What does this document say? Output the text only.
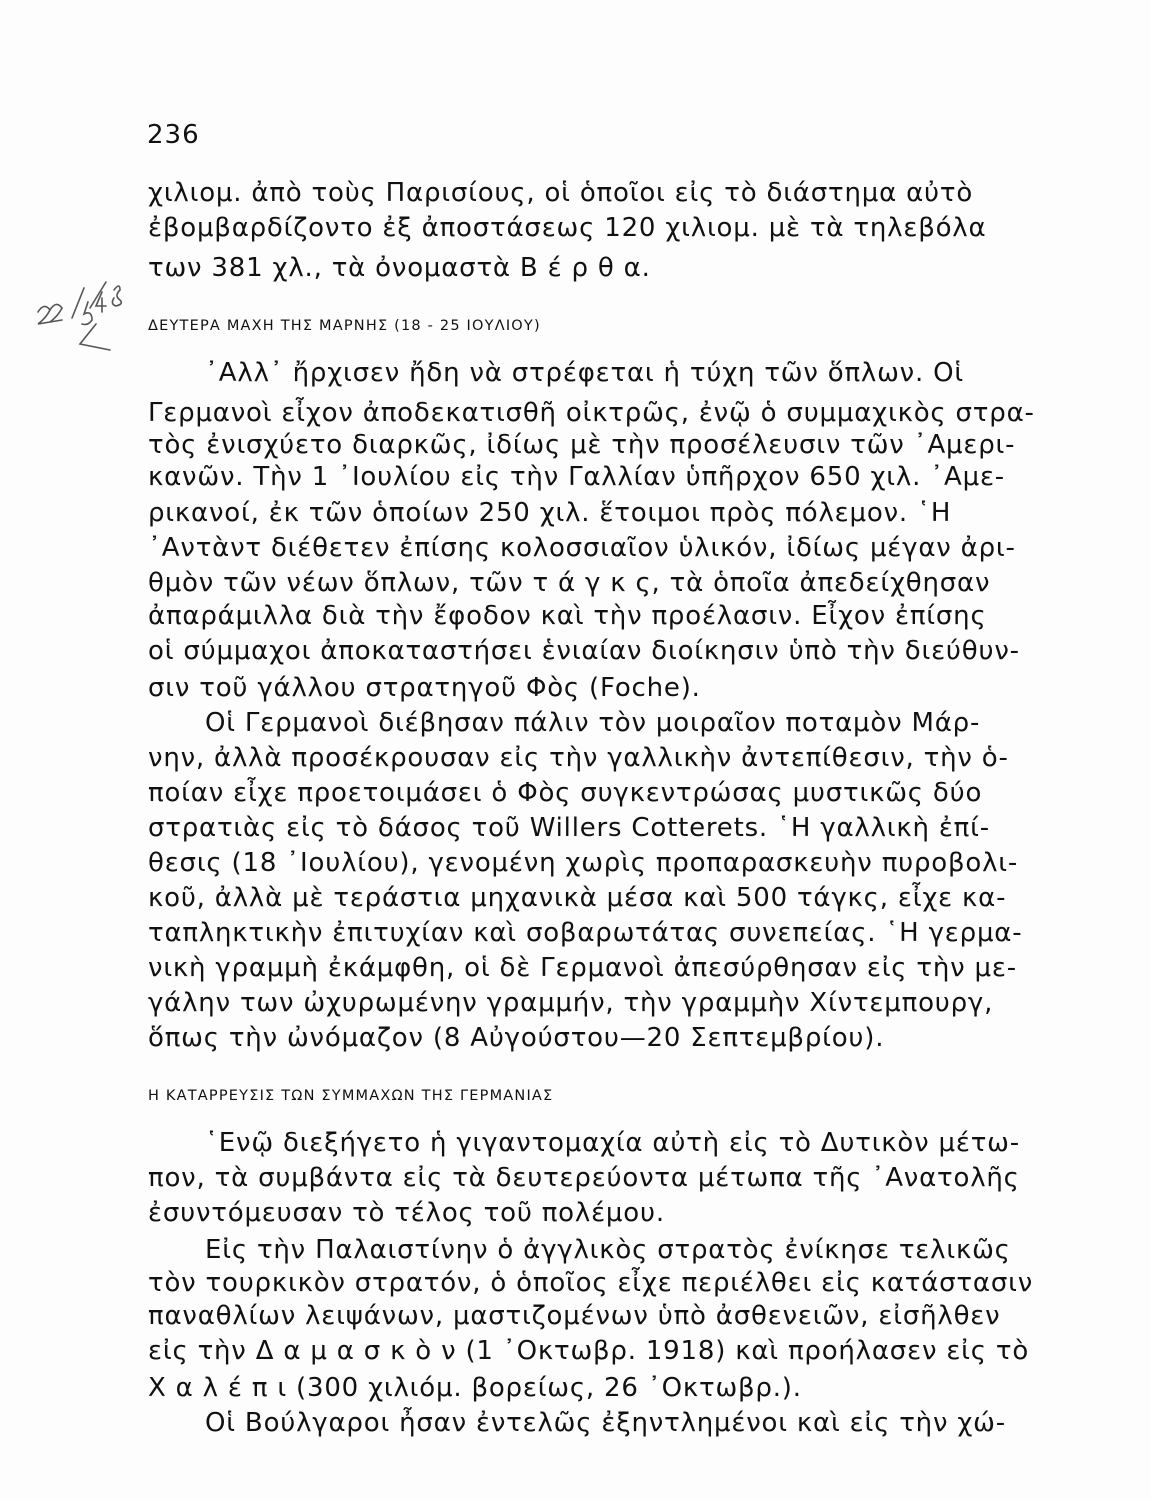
236
χιλιομ. ἀπὸ τοὺς Παρισίους, οἱ ὁποῖοι εἰς τὸ διάστημα αὐτὸ
ἐβομβαρδίζοντο ἐξ ἀποστάσεως 120 χιλιομ. μὲ τὰ τηλεβόλα
των 381 χλ., τὰ ὀνομαστὰ Β έ ρ θ α.
ΔΕΥΤΕΡΑ ΜΑΧΗ ΤΗΣ ΜΑΡΝΗΣ (18 - 25 ΙΟΥΛΙΟΥ)
᾿Αλλ᾿ ἤρχισεν ἤδη νὰ στρέφεται ἡ τύχη τῶν ὅπλων. Οἱ
Γερμανοὶ εἶχον ἀποδεκατισθῆ οἰκτρῶς, ἐνῷ ὁ συμμαχικὸς στρα-
τὸς ἐνισχύετο διαρκῶς, ἰδίως μὲ τὴν προσέλευσιν τῶν ᾿Αμερι-
κανῶν. Τὴν 1 ᾿Ιουλίου εἰς τὴν Γαλλίαν ὑπῆρχον 650 χιλ. ᾿Αμε-
ρικανοί, ἐκ τῶν ὁποίων 250 χιλ. ἕτοιμοι πρὸς πόλεμον. ῾Η
᾿Αντὰντ διέθετεν ἐπίσης κολοσσιαῖον ὑλικόν, ἰδίως μέγαν ἀρι-
θμὸν τῶν νέων ὅπλων, τῶν τ ά γ κ ς, τὰ ὁποῖα ἀπεδείχθησαν
ἀπαράμιλλα διὰ τὴν ἔφοδον καὶ τὴν προέλασιν. Εἶχον ἐπίσης
οἱ σύμμαχοι ἀποκαταστήσει ἑνιαίαν διοίκησιν ὑπὸ τὴν διεύθυν-
σιν τοῦ γάλλου στρατηγοῦ Φὸς (Foche).
Οἱ Γερμανοὶ διέβησαν πάλιν τὸν μοιραῖον ποταμὸν Μάρ-
νην, ἀλλὰ προσέκρουσαν εἰς τὴν γαλλικὴν ἀντεπίθεσιν, τὴν ὁ-
ποίαν εἶχε προετοιμάσει ὁ Φὸς συγκεντρώσας μυστικῶς δύο
στρατιὰς εἰς τὸ δάσος τοῦ Willers Cotterets. ῾Η γαλλικὴ ἐπί-
θεσις (18 ᾿Ιουλίου), γενομένη χωρὶς προπαρασκευὴν πυροβολι-
κοῦ, ἀλλὰ μὲ τεράστια μηχανικὰ μέσα καὶ 500 τάγκς, εἶχε κα-
ταπληκτικὴν ἐπιτυχίαν καὶ σοβαρωτάτας συνεπείας. ῾Η γερμα-
νικὴ γραμμὴ ἐκάμφθη, οἱ δὲ Γερμανοὶ ἀπεσύρθησαν εἰς τὴν με-
γάλην των ὠχυρωμένην γραμμήν, τὴν γραμμὴν Χίντεμπουργ,
ὅπως τὴν ὠνόμαζον (8 Αὐγούστου—20 Σεπτεμβρίου).
Η ΚΑΤΑΡΡΕΥΣΙΣ ΤΩΝ ΣΥΜΜΑΧΩΝ ΤΗΣ ΓΕΡΜΑΝΙΑΣ
῾Ενῷ διεξήγετο ἡ γιγαντομαχία αὐτὴ εἰς τὸ Δυτικὸν μέτω-
πον, τὰ συμβάντα εἰς τὰ δευτερεύοντα μέτωπα τῆς ᾿Ανατολῆς
ἐσυντόμευσαν τὸ τέλος τοῦ πολέμου.
Εἰς τὴν Παλαιστίνην ὁ ἀγγλικὸς στρατὸς ἐνίκησε τελικῶς
τὸν τουρκικὸν στρατόν, ὁ ὁποῖος εἶχε περιέλθει εἰς κατάστασιν
παναθλίων λειψάνων, μαστιζομένων ὑπὸ ἀσθενειῶν, εἰσῆλθεν
εἰς τὴν Δ α μ α σ κ ὸ ν (1 ᾿Οκτωβρ. 1918) καὶ προήλασεν εἰς τὸ
Χ α λ έ π ι (300 χιλιόμ. βορείως, 26 ᾿Οκτωβρ.).
Οἱ Βούλγαροι ἦσαν ἐντελῶς ἐξηντλημένοι καὶ εἰς τὴν χώ-
